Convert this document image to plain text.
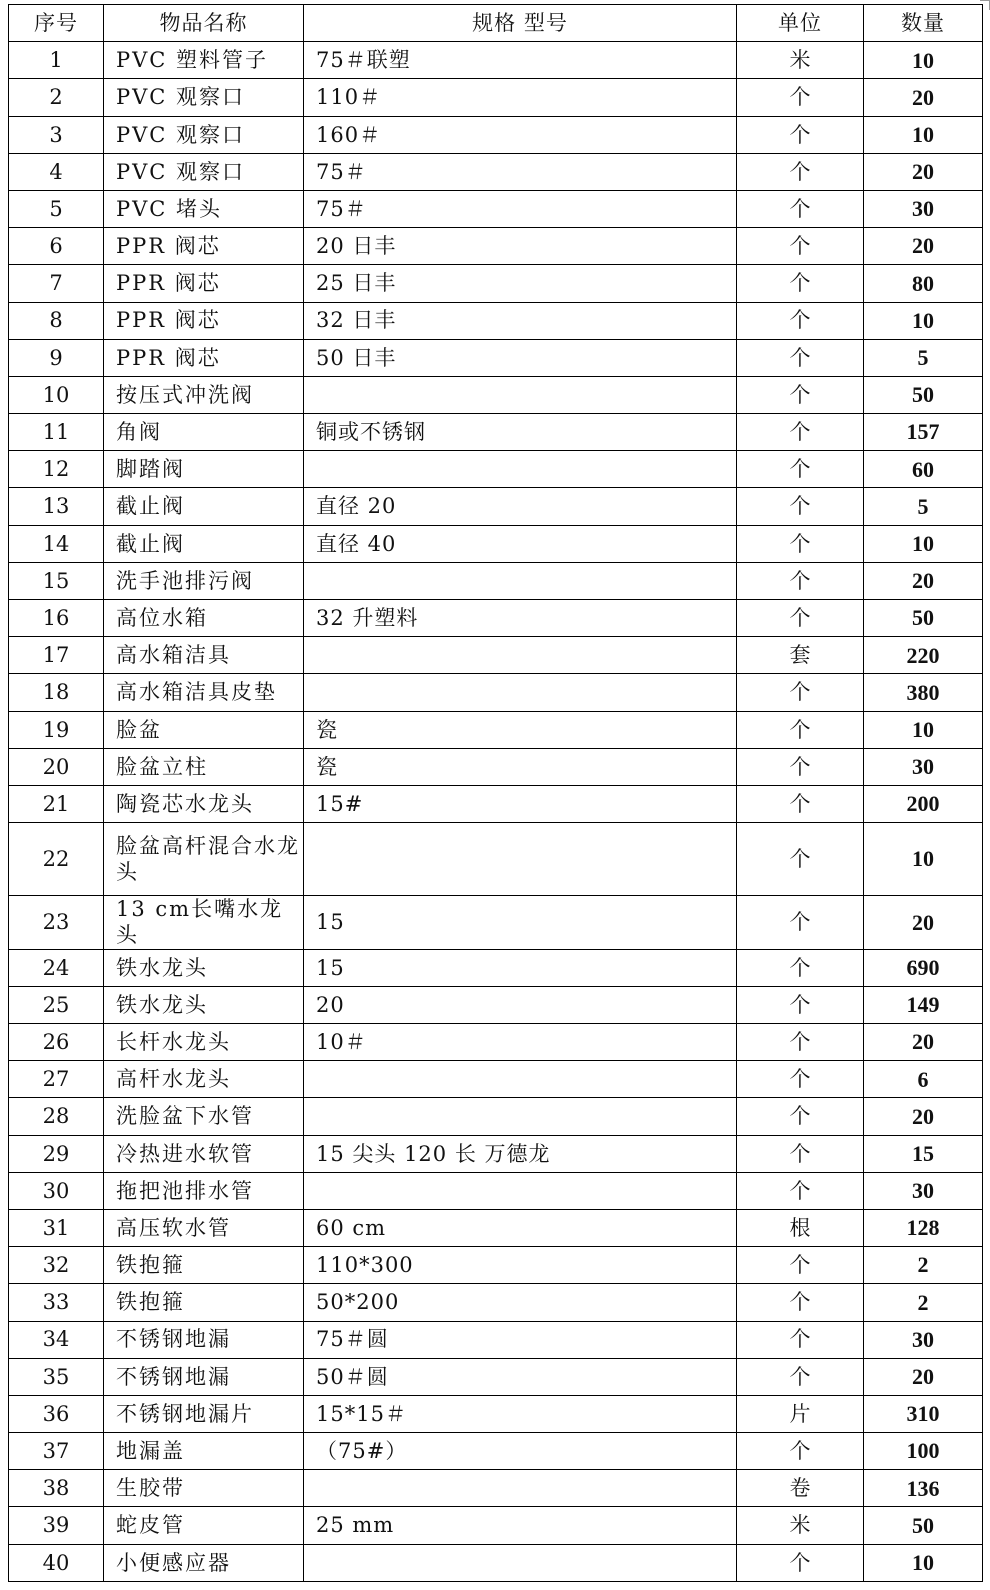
序号	物品名称	规格 型号	单位	数量
1	PVC 塑料管子	75＃联塑	米	10
2	PVC 观察口	110＃	个	20
3	PVC 观察口	160＃	个	10
4	PVC 观察口	75＃	个	20
5	PVC 堵头	75＃	个	30
6	PPR 阀芯	20 日丰	个	20
7	PPR 阀芯	25 日丰	个	80
8	PPR 阀芯	32 日丰	个	10
9	PPR 阀芯	50 日丰	个	5
10	按压式冲洗阀		个	50
11	角阀	铜或不锈钢	个	157
12	脚踏阀		个	60
13	截止阀	直径 20	个	5
14	截止阀	直径 40	个	10
15	洗手池排污阀		个	20
16	高位水箱	32 升塑料	个	50
17	高水箱洁具		套	220
18	高水箱洁具皮垫		个	380
19	脸盆	瓷	个	10
20	脸盆立柱	瓷	个	30
21	陶瓷芯水龙头	15#	个	200
22	脸盆高杆混合水龙头		个	10
23	13 cm长嘴水龙头	15	个	20
24	铁水龙头	15	个	690
25	铁水龙头	20	个	149
26	长杆水龙头	10＃	个	20
27	高杆水龙头		个	6
28	洗脸盆下水管		个	20
29	冷热进水软管	15 尖头 120 长 万德龙	个	15
30	拖把池排水管		个	30
31	高压软水管	60 cm	根	128
32	铁抱箍	110*300	个	2
33	铁抱箍	50*200	个	2
34	不锈钢地漏	75＃圆	个	30
35	不锈钢地漏	50＃圆	个	20
36	不锈钢地漏片	15*15＃	片	310
37	地漏盖	（75#）	个	100
38	生胶带		卷	136
39	蛇皮管	25 mm	米	50
40	小便感应器		个	10
